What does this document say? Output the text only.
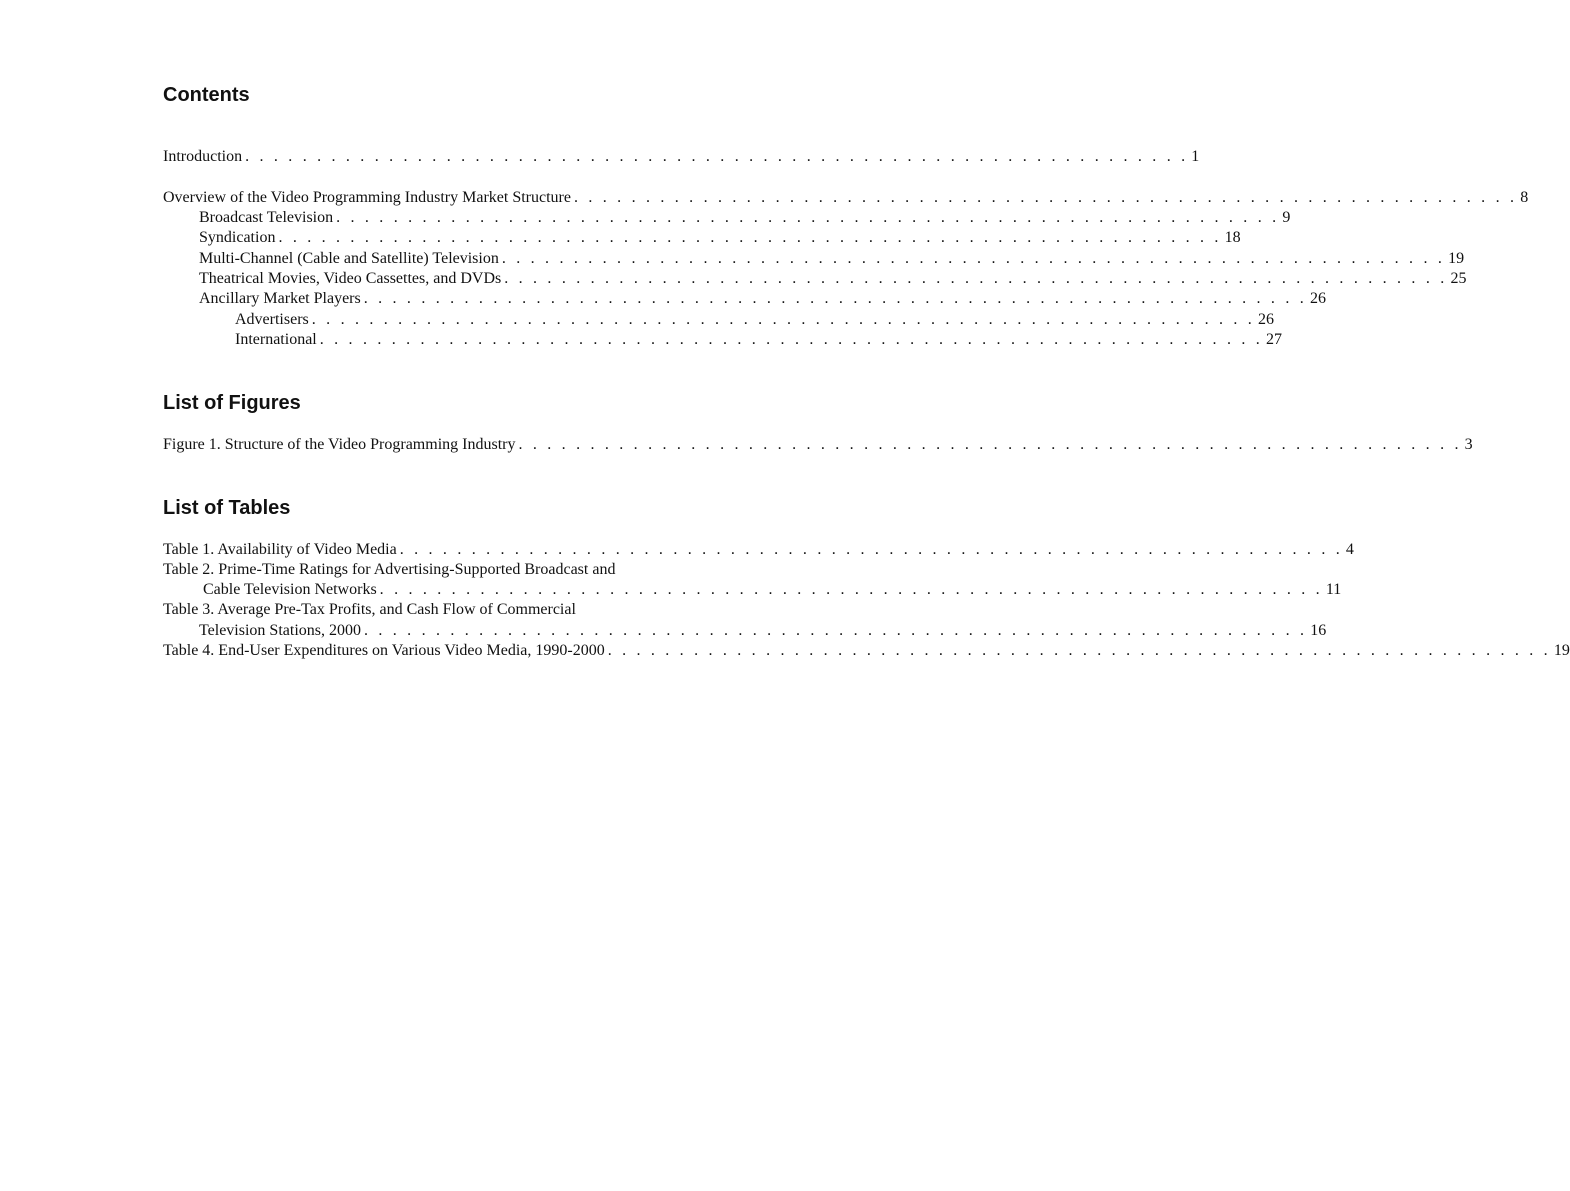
Contents
Introduction . . . . . . . . . . . . . . . . . . . . . . . . . . . . . . . . . . . . . . . . . . . . . . . . . . . . . . . . . . . . . . . . . . 1
Overview of the Video Programming Industry Market Structure . . . . . . . . . . . . . . . . . . . . . . . . . . . . . . . . . . . . . . . . . . . . . . . . . . . . . . . . . . . . . . . . . . 8
Broadcast Television . . . . . . . . . . . . . . . . . . . . . . . . . . . . . . . . . . . . . . . . . . . . . . . . . . . . . . . . . . . . . . . . . . 9
Syndication . . . . . . . . . . . . . . . . . . . . . . . . . . . . . . . . . . . . . . . . . . . . . . . . . . . . . . . . . . . . . . . . . . 18
Multi-Channel (Cable and Satellite) Television . . . . . . . . . . . . . . . . . . . . . . . . . . . . . . . . . . . . . . . . . . . . . . . . . . . . . . . . . . . . . . . . . . 19
Theatrical Movies, Video Cassettes, and DVDs . . . . . . . . . . . . . . . . . . . . . . . . . . . . . . . . . . . . . . . . . . . . . . . . . . . . . . . . . . . . . . . . . . 25
Ancillary Market Players . . . . . . . . . . . . . . . . . . . . . . . . . . . . . . . . . . . . . . . . . . . . . . . . . . . . . . . . . . . . . . . . . . 26
Advertisers . . . . . . . . . . . . . . . . . . . . . . . . . . . . . . . . . . . . . . . . . . . . . . . . . . . . . . . . . . . . . . . . . . 26
International . . . . . . . . . . . . . . . . . . . . . . . . . . . . . . . . . . . . . . . . . . . . . . . . . . . . . . . . . . . . . . . . . . 27
List of Figures
Figure 1. Structure of the Video Programming Industry . . . . . . . . . . . . . . . . . . . . . . . . . . . . . . . . . . . . . . . . . . . . . . . . . . . . . . . . . . . . . . . . . . 3
List of Tables
Table 1. Availability of Video Media . . . . . . . . . . . . . . . . . . . . . . . . . . . . . . . . . . . . . . . . . . . . . . . . . . . . . . . . . . . . . . . . . . 4
Table 2. Prime-Time Ratings for Advertising-Supported Broadcast and
Cable Television Networks . . . . . . . . . . . . . . . . . . . . . . . . . . . . . . . . . . . . . . . . . . . . . . . . . . . . . . . . . . . . . . . . . . 11
Table 3. Average Pre-Tax Profits, and Cash Flow of Commercial
Television Stations, 2000 . . . . . . . . . . . . . . . . . . . . . . . . . . . . . . . . . . . . . . . . . . . . . . . . . . . . . . . . . . . . . . . . . . 16
Table 4. End-User Expenditures on Various Video Media, 1990-2000 . . . . . . . . . . . . . . . . . . . . . . . . . . . . . . . . . . . . . . . . . . . . . . . . . . . . . . . . . . . . . . . . . . 19
